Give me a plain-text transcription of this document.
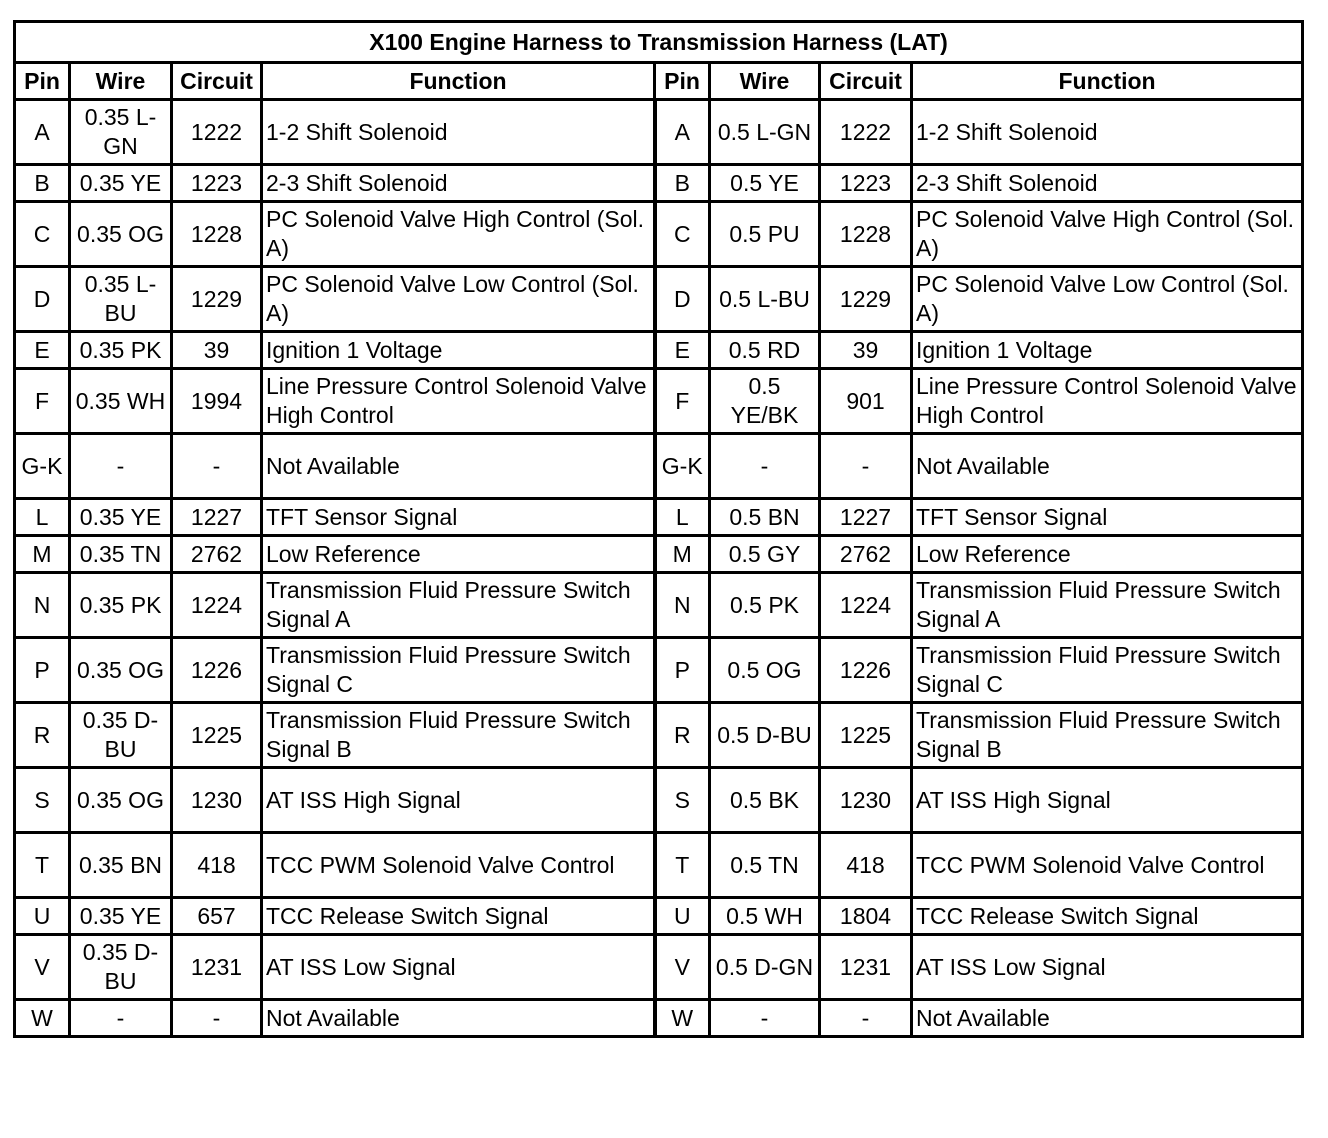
X100 Engine Harness to Transmission Harness (LAT)							
Pin	Wire	Circuit	Function	Pin	Wire	Circuit	Function
A	0.35 L-GN	1222	1-2 Shift Solenoid	A	0.5 L-GN	1222	1-2 Shift Solenoid
B	0.35 YE	1223	2-3 Shift Solenoid	B	0.5 YE	1223	2-3 Shift Solenoid
C	0.35 OG	1228	PC Solenoid Valve High Control (Sol. A)	C	0.5 PU	1228	PC Solenoid Valve High Control (Sol. A)
D	0.35 L-BU	1229	PC Solenoid Valve Low Control (Sol. A)	D	0.5 L-BU	1229	PC Solenoid Valve Low Control (Sol. A)
E	0.35 PK	39	Ignition 1 Voltage	E	0.5 RD	39	Ignition 1 Voltage
F	0.35 WH	1994	Line Pressure Control Solenoid Valve High Control	F	0.5 YE/BK	901	Line Pressure Control Solenoid Valve High Control
G-K	-	-	Not Available	G-K	-	-	Not Available
L	0.35 YE	1227	TFT Sensor Signal	L	0.5 BN	1227	TFT Sensor Signal
M	0.35 TN	2762	Low Reference	M	0.5 GY	2762	Low Reference
N	0.35 PK	1224	Transmission Fluid Pressure Switch Signal A	N	0.5 PK	1224	Transmission Fluid Pressure Switch Signal A
P	0.35 OG	1226	Transmission Fluid Pressure Switch Signal C	P	0.5 OG	1226	Transmission Fluid Pressure Switch Signal C
R	0.35 D-BU	1225	Transmission Fluid Pressure Switch Signal B	R	0.5 D-BU	1225	Transmission Fluid Pressure Switch Signal B
S	0.35 OG	1230	AT ISS High Signal	S	0.5 BK	1230	AT ISS High Signal
T	0.35 BN	418	TCC PWM Solenoid Valve Control	T	0.5 TN	418	TCC PWM Solenoid Valve Control
U	0.35 YE	657	TCC Release Switch Signal	U	0.5 WH	1804	TCC Release Switch Signal
V	0.35 D-BU	1231	AT ISS Low Signal	V	0.5 D-GN	1231	AT ISS Low Signal
W	-	-	Not Available	W	-	-	Not Available
